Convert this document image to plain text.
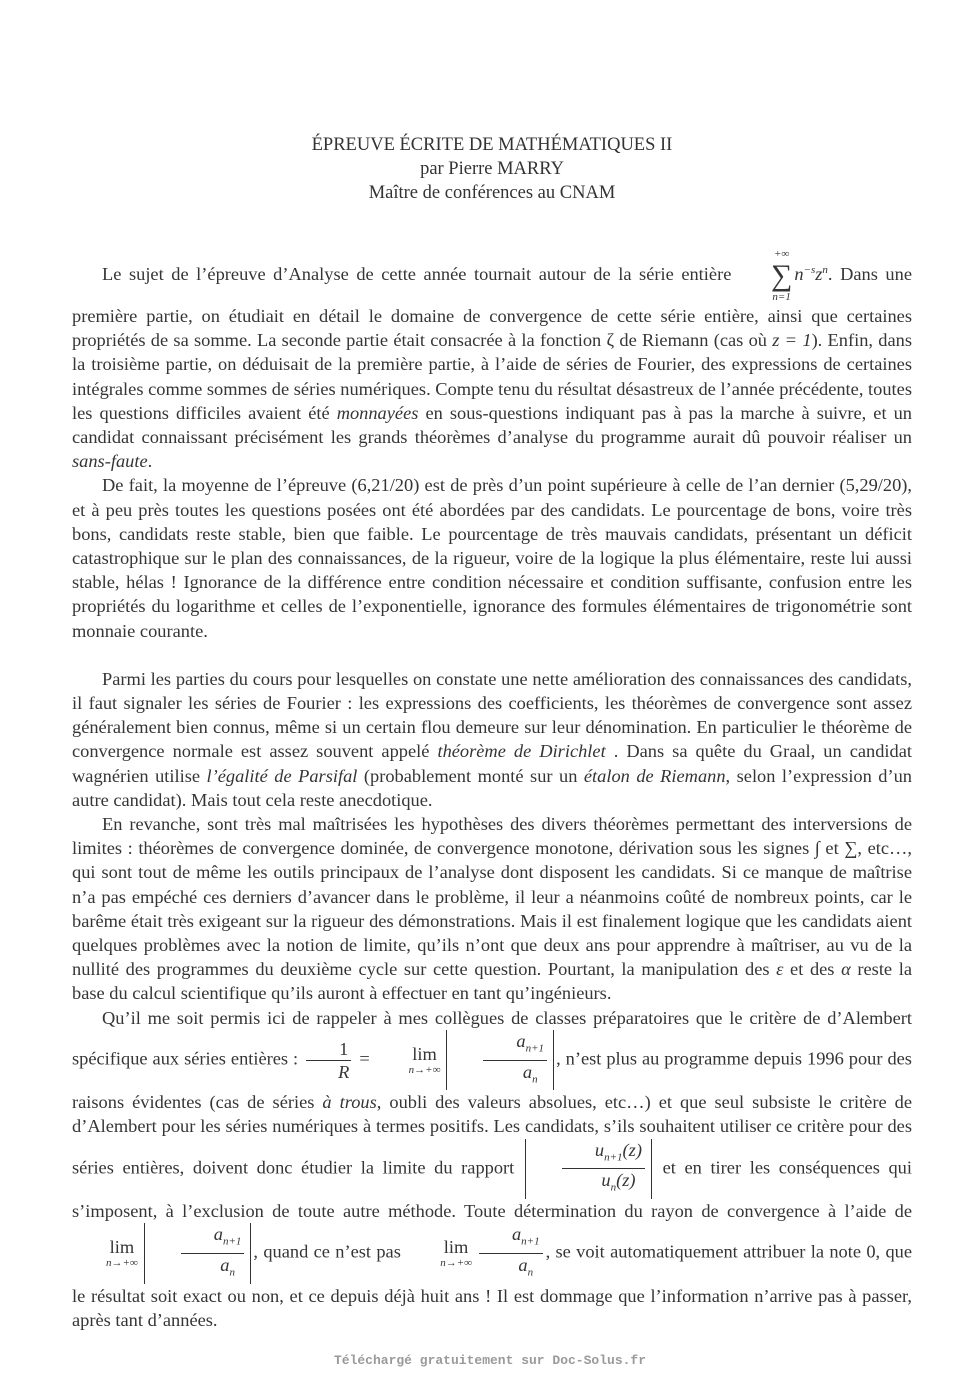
ÉPREUVE ÉCRITE DE MATHÉMATIQUES II
par Pierre MARRY
Maître de conférences au CNAM

Le sujet de l’épreuve d’Analyse de cette année tournait autour de la série entière
+∞
∑
n=1
$n^{-s}z^n$. Dans une première partie, on étudiait en détail le domaine de convergence de cette série entière, ainsi que certaines propriétés de sa somme. La seconde partie était consacrée à la fonction ζ de Riemann (cas où z = 1). Enfin, dans la troisième partie, on déduisait de la première partie, à l’aide de séries de Fourier, des expressions de certaines intégrales comme sommes de séries numériques. Compte tenu du résultat désastreux de l’année précédente, toutes les questions difficiles avaient été monnayées en sous-questions indiquant pas à pas la marche à suivre, et un candidat connaissant précisément les grands théorèmes d’analyse du programme aurait dû pouvoir réaliser un sans-faute.

De fait, la moyenne de l’épreuve (6,21/20) est de près d’un point supérieure à celle de l’an dernier (5,29/20), et à peu près toutes les questions posées ont été abordées par des candidats. Le pourcentage de bons, voire très bons, candidats reste stable, bien que faible. Le pourcentage de très mauvais candidats, présentant un déficit catastrophique sur le plan des connaissances, de la rigueur, voire de la logique la plus élémentaire, reste lui aussi stable, hélas ! Ignorance de la différence entre condition nécessaire et condition suffisante, confusion entre les propriétés du logarithme et celles de l’exponentielle, ignorance des formules élémentaires de trigonométrie sont monnaie courante.

Parmi les parties du cours pour lesquelles on constate une nette amélioration des connaissances des candidats, il faut signaler les séries de Fourier : les expressions des coefficients, les théorèmes de convergence sont assez généralement bien connus, même si un certain flou demeure sur leur dénomination. En particulier le théorème de convergence normale est assez souvent appelé théorème de Dirichlet . Dans sa quête du Graal, un candidat wagnérien utilise l’égalité de Parsifal (probablement monté sur un étalon de Riemann, selon l’expression d’un autre candidat). Mais tout cela reste anecdotique.

En revanche, sont très mal maîtrisées les hypothèses des divers théorèmes permettant des interversions de limites : théorèmes de convergence dominée, de convergence monotone, dérivation sous les signes ∫ et ∑, etc…, qui sont tout de même les outils principaux de l’analyse dont disposent les candidats. Si ce manque de maîtrise n’a pas empéché ces derniers d’avancer dans le problème, il leur a néanmoins coûté de nombreux points, car le barême était très exigeant sur la rigueur des démonstrations. Mais il est finalement logique que les candidats aient quelques problèmes avec la notion de limite, qu’ils n’ont que deux ans pour apprendre à maîtriser, au vu de la nullité des programmes du deuxième cycle sur cette question. Pourtant, la manipulation des ε et des α reste la base du calcul scientifique qu’ils auront à effectuer en tant qu’ingénieurs.

Qu’il me soit permis ici de rappeler à mes collègues de classes préparatoires que le critère de d’Alembert spécifique aux séries entières : $\frac{1}{R}$ =	lim
$n\to+\infty \frac{a_{n+1}}{a_n}$ , n’est plus au programme depuis 1996 pour des raisons évidentes (cas de séries à trous, oubli des valeurs absolues, etc…) et que seul subsiste le critère de d’Alembert pour les séries numériques à termes positifs. Les candidats, s’ils souhaitent utiliser ce critère pour des séries entières, doivent donc étudier la limite du rapport $\frac{u_{n+1}(z)}{u_n(z)}$ et en tirer les conséquences qui s’imposent, à l’exclusion de toute autre méthode. Toute détermination du rayon de convergence à l’aide de
lim
$n\to+\infty \frac{a_{n+1}}{a_n}$ , quand ce n’est pas	lim
$n\to+\infty \frac{a_{n+1}}{a_n}$ , se voit automatiquement attribuer la note 0, que le résultat soit exact ou non, et ce depuis déjà huit ans ! Il est dommage que l’information n’arrive pas à passer, après tant d’années.

Téléchargé gratuitement sur Doc-Solus.fr
